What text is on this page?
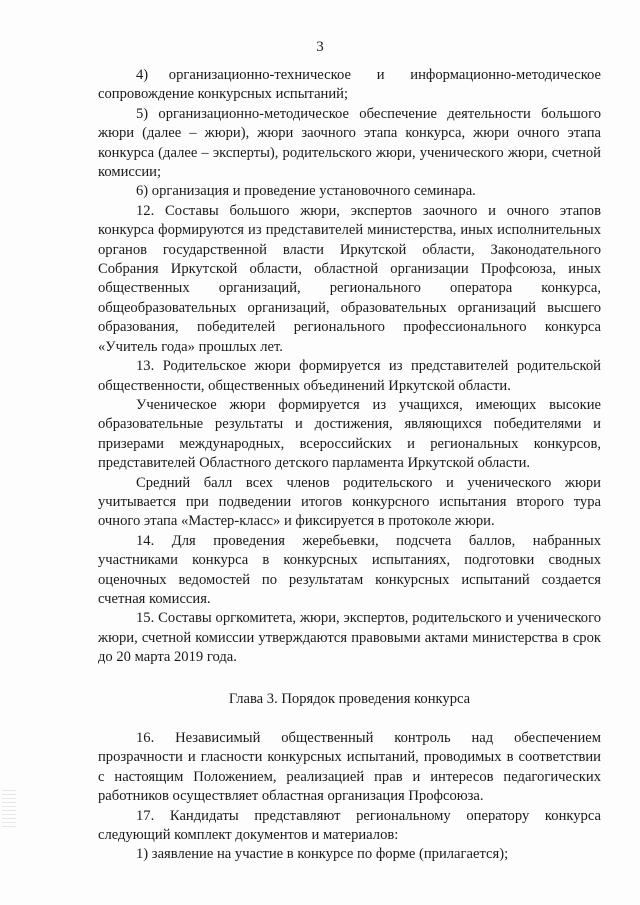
3

4)    организационно-техническое     и     информационно-методическое сопровождение конкурсных испытаний;

5) организационно-методическое обеспечение деятельности большого жюри (далее – жюри), жюри заочного этапа конкурса, жюри очного этапа конкурса (далее – эксперты), родительского жюри, ученического жюри, счетной комиссии;

6) организация и проведение установочного семинара.

12. Составы большого жюри, экспертов заочного и очного этапов конкурса формируются из представителей министерства, иных исполнительных органов государственной власти Иркутской области, Законодательного Собрания Иркутской области, областной организации Профсоюза, иных общественных организаций, регионального оператора конкурса, общеобразовательных организаций, образовательных организаций высшего образования, победителей регионального профессионального конкурса «Учитель года» прошлых лет.

13. Родительское жюри формируется из представителей родительской общественности, общественных объединений Иркутской области.

Ученическое жюри формируется из учащихся, имеющих высокие образовательные результаты и достижения, являющихся победителями и призерами международных, всероссийских и региональных конкурсов, представителей Областного детского парламента Иркутской области.

Средний балл всех членов родительского и ученического жюри учитывается при подведении итогов конкурсного испытания второго тура очного этапа «Мастер-класс» и фиксируется в протоколе жюри.

14. Для проведения жеребьевки, подсчета баллов, набранных участниками конкурса в конкурсных испытаниях, подготовки сводных оценочных ведомостей по результатам конкурсных испытаний создается счетная комиссия.

15. Составы оргкомитета, жюри, экспертов, родительского и ученического жюри, счетной комиссии утверждаются правовыми актами министерства в срок до 20 марта 2019 года.

Глава 3. Порядок проведения конкурса

16. Независимый общественный контроль над обеспечением прозрачности и гласности конкурсных испытаний, проводимых в соответствии с настоящим Положением, реализацией прав и интересов педагогических работников осуществляет областная организация Профсоюза.

17. Кандидаты представляют региональному оператору конкурса следующий комплект документов и материалов:

1) заявление на участие в конкурсе по форме (прилагается);
